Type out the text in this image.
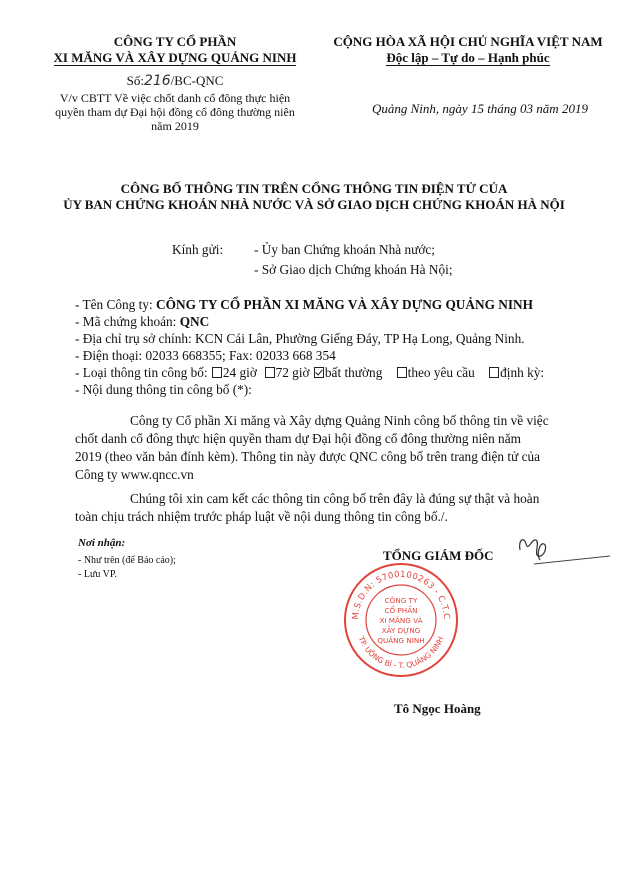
CÔNG TY CỔ PHẦN
XI MĂNG VÀ XÂY DỰNG QUẢNG NINH
Số:216/BC-QNC
V/v CBTT Về việc chốt danh cổ đông thực hiện
quyền tham dự Đại hội đồng cổ đông thường niên
năm 2019
CỘNG HÒA XÃ HỘI CHỦ NGHĨA VIỆT NAM
Độc lập – Tự do – Hạnh phúc
Quảng Ninh, ngày 15 tháng 03 năm 2019
CÔNG BỐ THÔNG TIN TRÊN CỔNG THÔNG TIN ĐIỆN TỬ CỦA
ỦY BAN CHỨNG KHOÁN NHÀ NƯỚC VÀ SỞ GIAO DỊCH CHỨNG KHOÁN HÀ NỘI
Kính gửi: - Ủy ban Chứng khoán Nhà nước;
- Sở Giao dịch Chứng khoán Hà Nội;
- Tên Công ty: CÔNG TY CỔ PHẦN XI MĂNG VÀ XÂY DỰNG QUẢNG NINH
- Mã chứng khoán: QNC
- Địa chỉ trụ sở chính: KCN Cái Lân, Phường Giếng Đáy, TP Hạ Long, Quảng Ninh.
- Điện thoại: 02033 668355; Fax: 02033 668 354
- Loại thông tin công bố: 24 giờ 72 giờ bất thường theo yêu cầu định kỳ:
- Nội dung thông tin công bố (*):
Công ty Cổ phần Xi măng và Xây dựng Quảng Ninh công bố thông tin về việc
chốt danh cổ đông thực hiện quyền tham dự Đại hội đồng cổ đông thường niên năm
2019 (theo văn bản đính kèm). Thông tin này được QNC công bố trên trang điện tử của
Công ty www.qncc.vn
Chúng tôi xin cam kết các thông tin công bố trên đây là đúng sự thật và hoàn
toàn chịu trách nhiệm trước pháp luật về nội dung thông tin công bố./.
Nơi nhận:
- Như trên (để Báo cáo);
- Lưu VP.
TỔNG GIÁM ĐỐC
M.S.D.N: 5700100263 - C.T.C
TP. UÔNG BÍ - T. QUẢNG NINH
CÔNG TY
CỔ PHẦN
XI MĂNG VÀ
XÂY DỰNG
QUẢNG NINH
Tô Ngọc Hoàng
